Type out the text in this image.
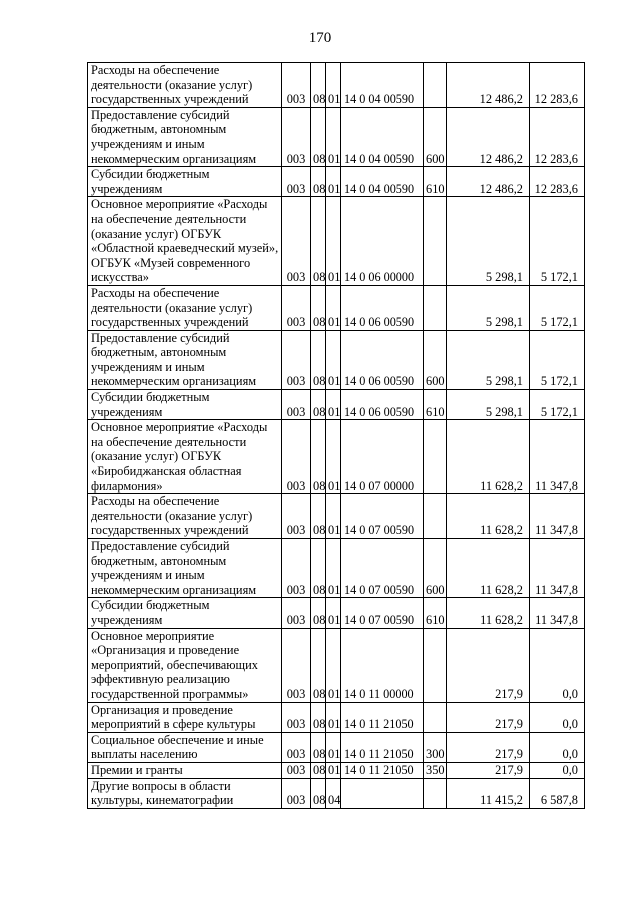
170
Расходы на обеспечение деятельности (оказание услуг) государственных учреждений	003	08	01	14 0 04 00590		12 486,2	12 283,6
Предоставление субсидий бюджетным, автономным учреждениям и иным некоммерческим организациям	003	08	01	14 0 04 00590	600	12 486,2	12 283,6
Субсидии бюджетным учреждениям	003	08	01	14 0 04 00590	610	12 486,2	12 283,6
Основное мероприятие «Расходы на обеспечение деятельности (оказание услуг) ОГБУК «Областной краеведческий музей», ОГБУК «Музей современного искусства»	003	08	01	14 0 06 00000		5 298,1	5 172,1
Расходы на обеспечение деятельности (оказание услуг) государственных учреждений	003	08	01	14 0 06 00590		5 298,1	5 172,1
Предоставление субсидий бюджетным, автономным учреждениям и иным некоммерческим организациям	003	08	01	14 0 06 00590	600	5 298,1	5 172,1
Субсидии бюджетным учреждениям	003	08	01	14 0 06 00590	610	5 298,1	5 172,1
Основное мероприятие «Расходы на обеспечение деятельности (оказание услуг) ОГБУК «Биробиджанская областная филармония»	003	08	01	14 0 07 00000		11 628,2	11 347,8
Расходы на обеспечение деятельности (оказание услуг) государственных учреждений	003	08	01	14 0 07 00590		11 628,2	11 347,8
Предоставление субсидий бюджетным, автономным учреждениям и иным некоммерческим организациям	003	08	01	14 0 07 00590	600	11 628,2	11 347,8
Субсидии бюджетным учреждениям	003	08	01	14 0 07 00590	610	11 628,2	11 347,8
Основное мероприятие «Организация и проведение мероприятий, обеспечивающих эффективную реализацию государственной программы»	003	08	01	14 0 11 00000		217,9	0,0
Организация и проведение мероприятий в сфере культуры	003	08	01	14 0 11 21050		217,9	0,0
Социальное обеспечение и иные выплаты населению	003	08	01	14 0 11 21050	300	217,9	0,0
Премии и гранты	003	08	01	14 0 11 21050	350	217,9	0,0
Другие вопросы в области культуры, кинематографии	003	08	04			11 415,2	6 587,8
